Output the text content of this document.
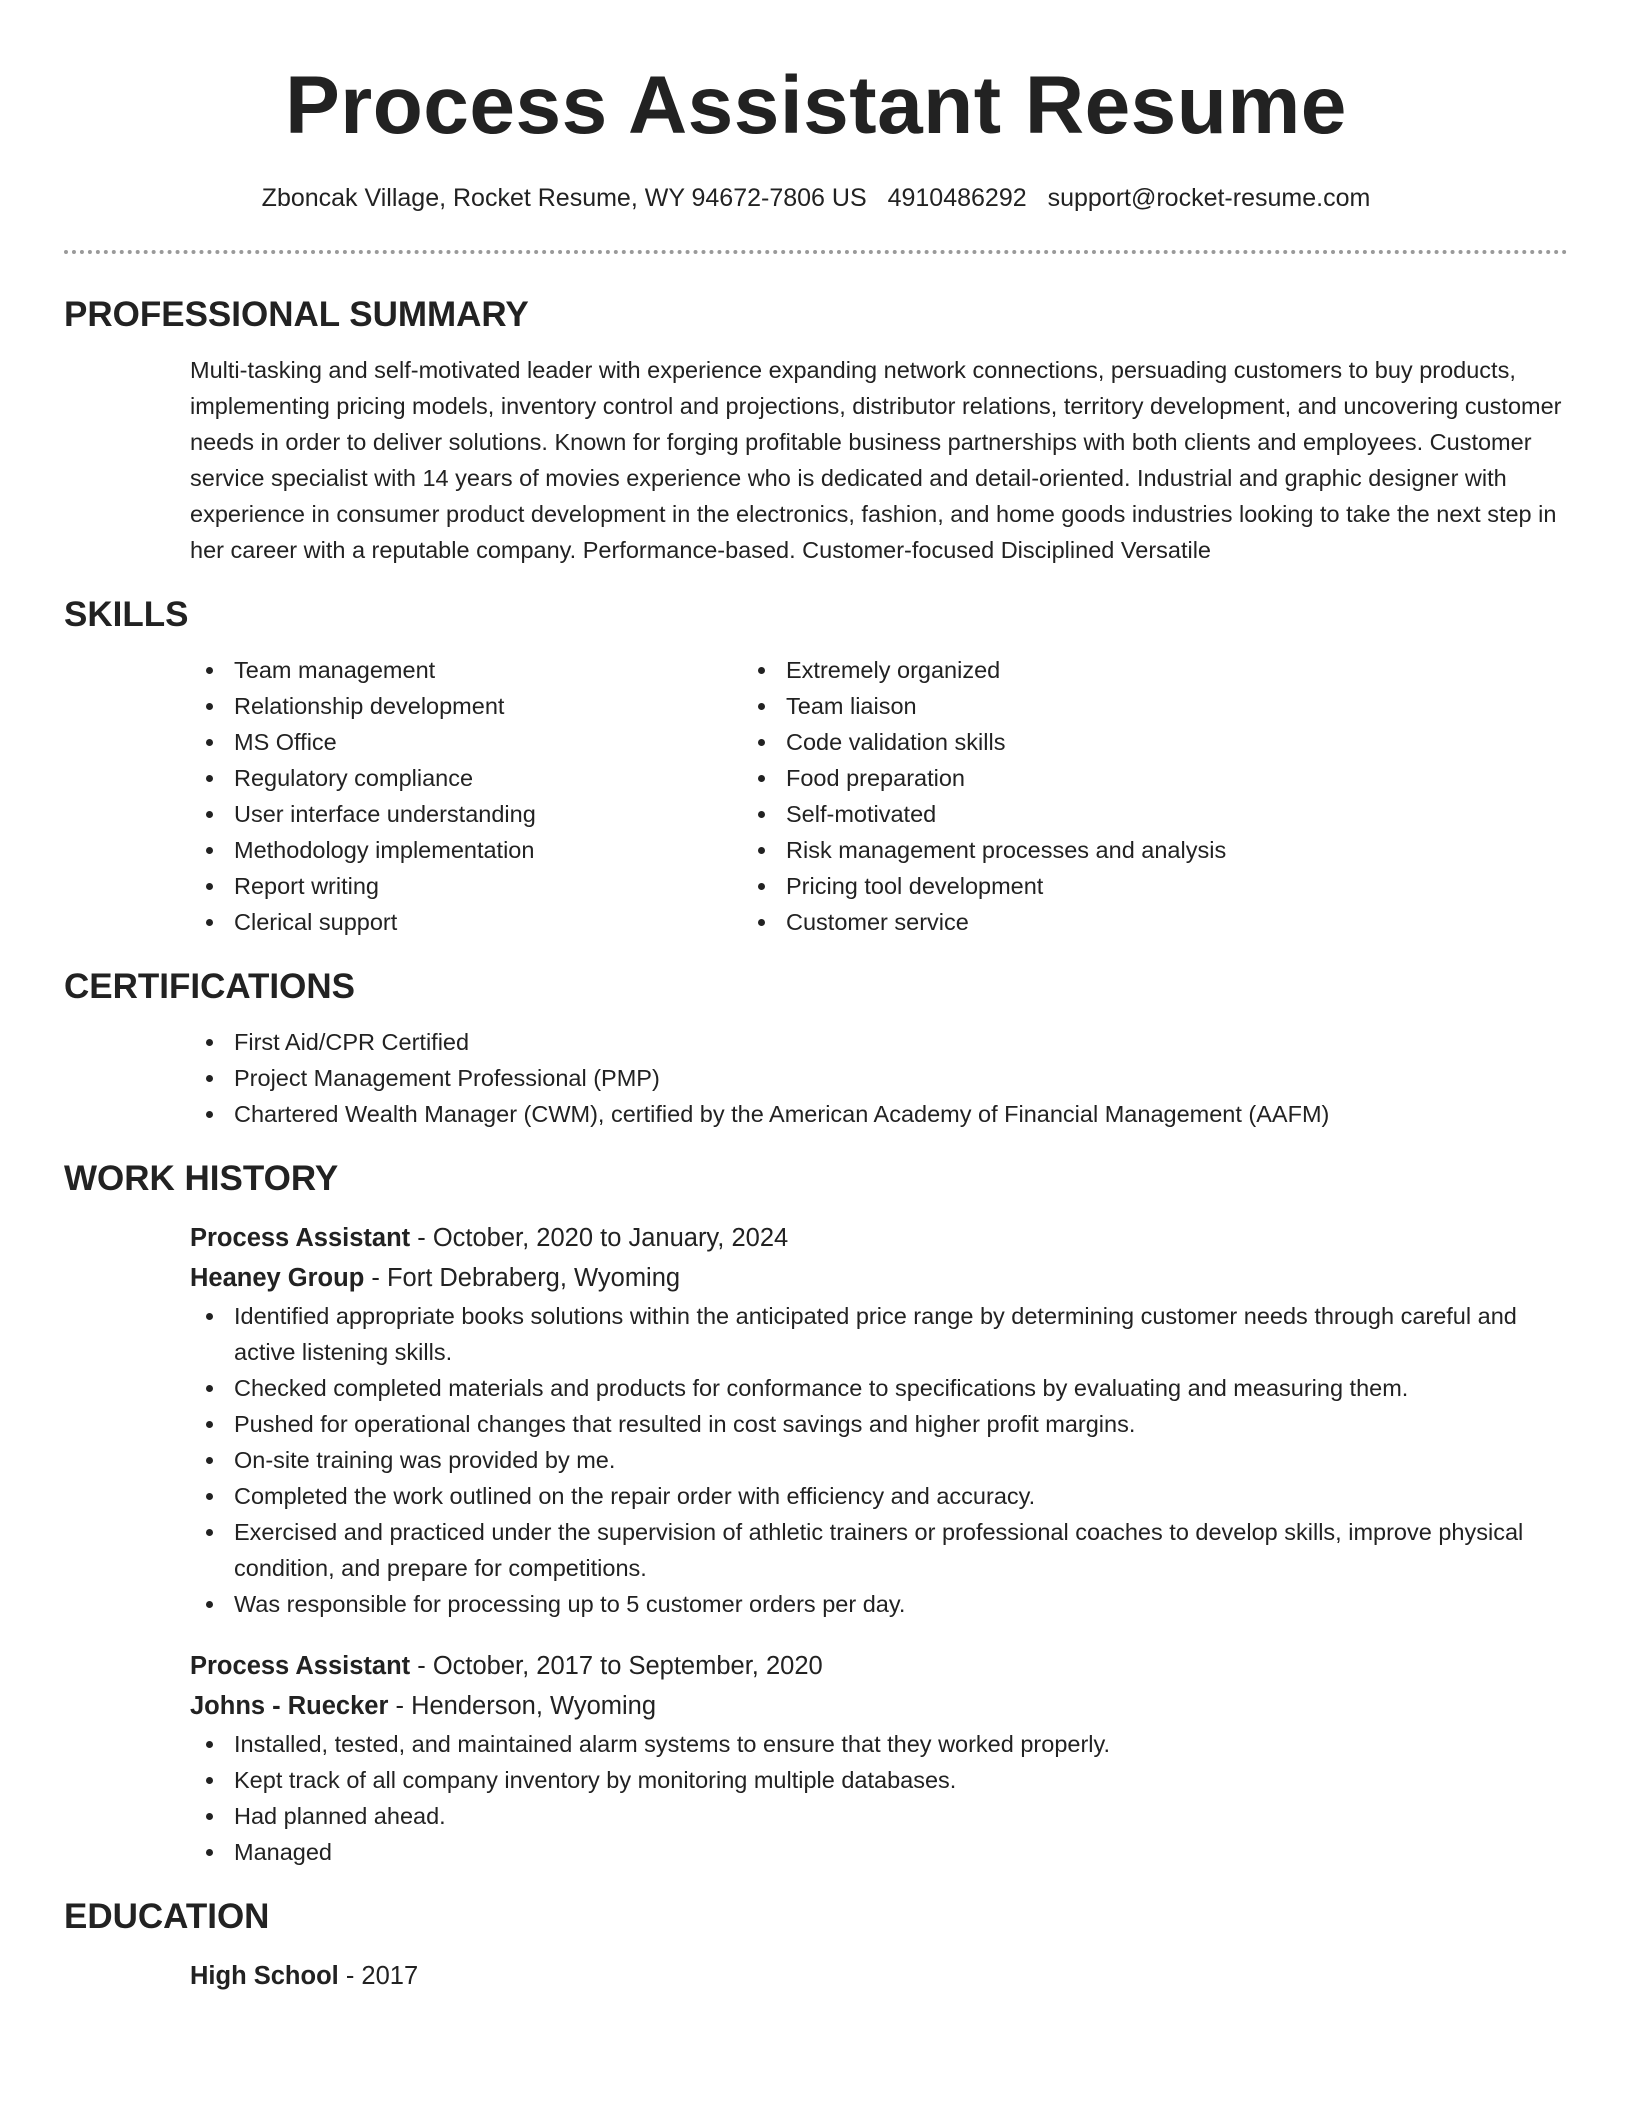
Process Assistant Resume
Zboncak Village, Rocket Resume, WY 94672-7806 US 4910486292 support@rocket-resume.com
PROFESSIONAL SUMMARY

Multi-tasking and self-motivated leader with experience expanding network connections, persuading customers to buy products, implementing pricing models, inventory control and projections, distributor relations, territory development, and uncovering customer needs in order to deliver solutions. Known for forging profitable business partnerships with both clients and employees. Customer service specialist with 14 years of movies experience who is dedicated and detail-oriented. Industrial and graphic designer with experience in consumer product development in the electronics, fashion, and home goods industries looking to take the next step in her career with a reputable company. Performance-based. Customer-focused Disciplined Versatile

SKILLS
Team management
Relationship development
MS Office
Regulatory compliance
User interface understanding
Methodology implementation
Report writing
Clerical support
Extremely organized
Team liaison
Code validation skills
Food preparation
Self-motivated
Risk management processes and analysis
Pricing tool development
Customer service
CERTIFICATIONS
First Aid/CPR Certified
Project Management Professional (PMP)
Chartered Wealth Manager (CWM), certified by the American Academy of Financial Management (AAFM)
WORK HISTORY

Process Assistant - October, 2020 to January, 2024

Heaney Group - Fort Debraberg, Wyoming

Identified appropriate books solutions within the anticipated price range by determining customer needs through careful and active listening skills.
Checked completed materials and products for conformance to specifications by evaluating and measuring them.
Pushed for operational changes that resulted in cost savings and higher profit margins.
On-site training was provided by me.
Completed the work outlined on the repair order with efficiency and accuracy.
Exercised and practiced under the supervision of athletic trainers or professional coaches to develop skills, improve physical condition, and prepare for competitions.
Was responsible for processing up to 5 customer orders per day.

Process Assistant - October, 2017 to September, 2020

Johns - Ruecker - Henderson, Wyoming

Installed, tested, and maintained alarm systems to ensure that they worked properly.
Kept track of all company inventory by monitoring multiple databases.
Had planned ahead.
Managed
EDUCATION

High School - 2017
